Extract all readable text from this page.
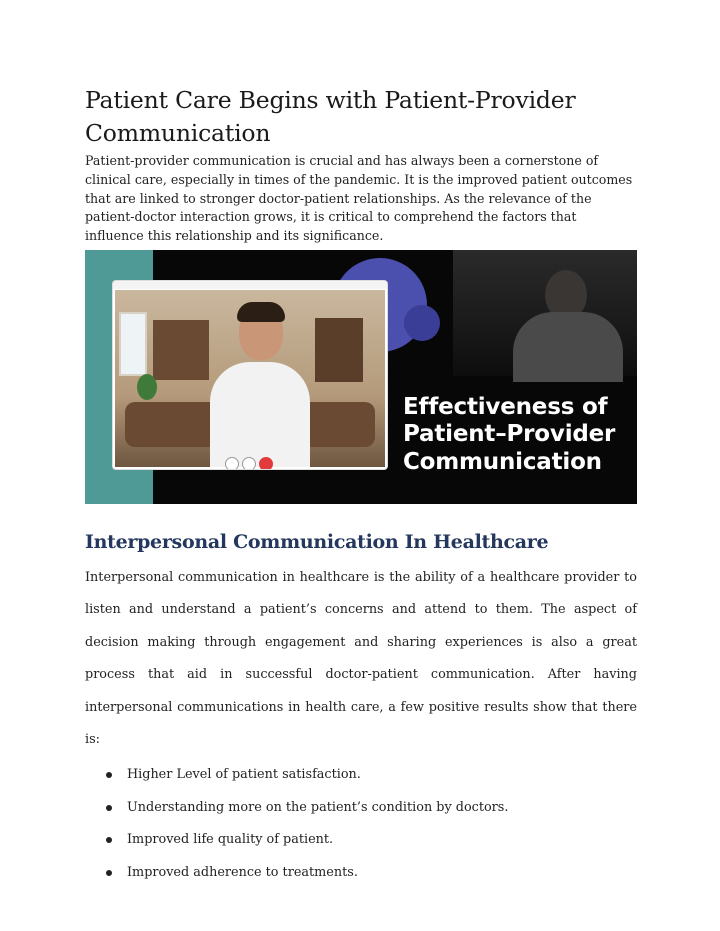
Patient Care Begins with Patient-Provider Communication

Patient-provider communication is crucial and has always been a cornerstone of clinical care, especially in times of the pandemic. It is the improved patient outcomes that are linked to stronger doctor-patient relationships. As the relevance of the patient-doctor interaction grows, it is critical to comprehend the factors that influence this relationship and its significance.

Effectiveness of
Patient–Provider
Communication
Interpersonal Communication In Healthcare

Interpersonal communication in healthcare is the ability of a healthcare provider to listen and understand a patient’s concerns and attend to them. The aspect of decision making through engagement and sharing experiences is also a great process that aid in successful doctor-patient communication. After having interpersonal communications in health care, a few positive results show that there is:

Higher Level of patient satisfaction.
Understanding more on the patient’s condition by doctors.
Improved life quality of patient.
Improved adherence to treatments.
